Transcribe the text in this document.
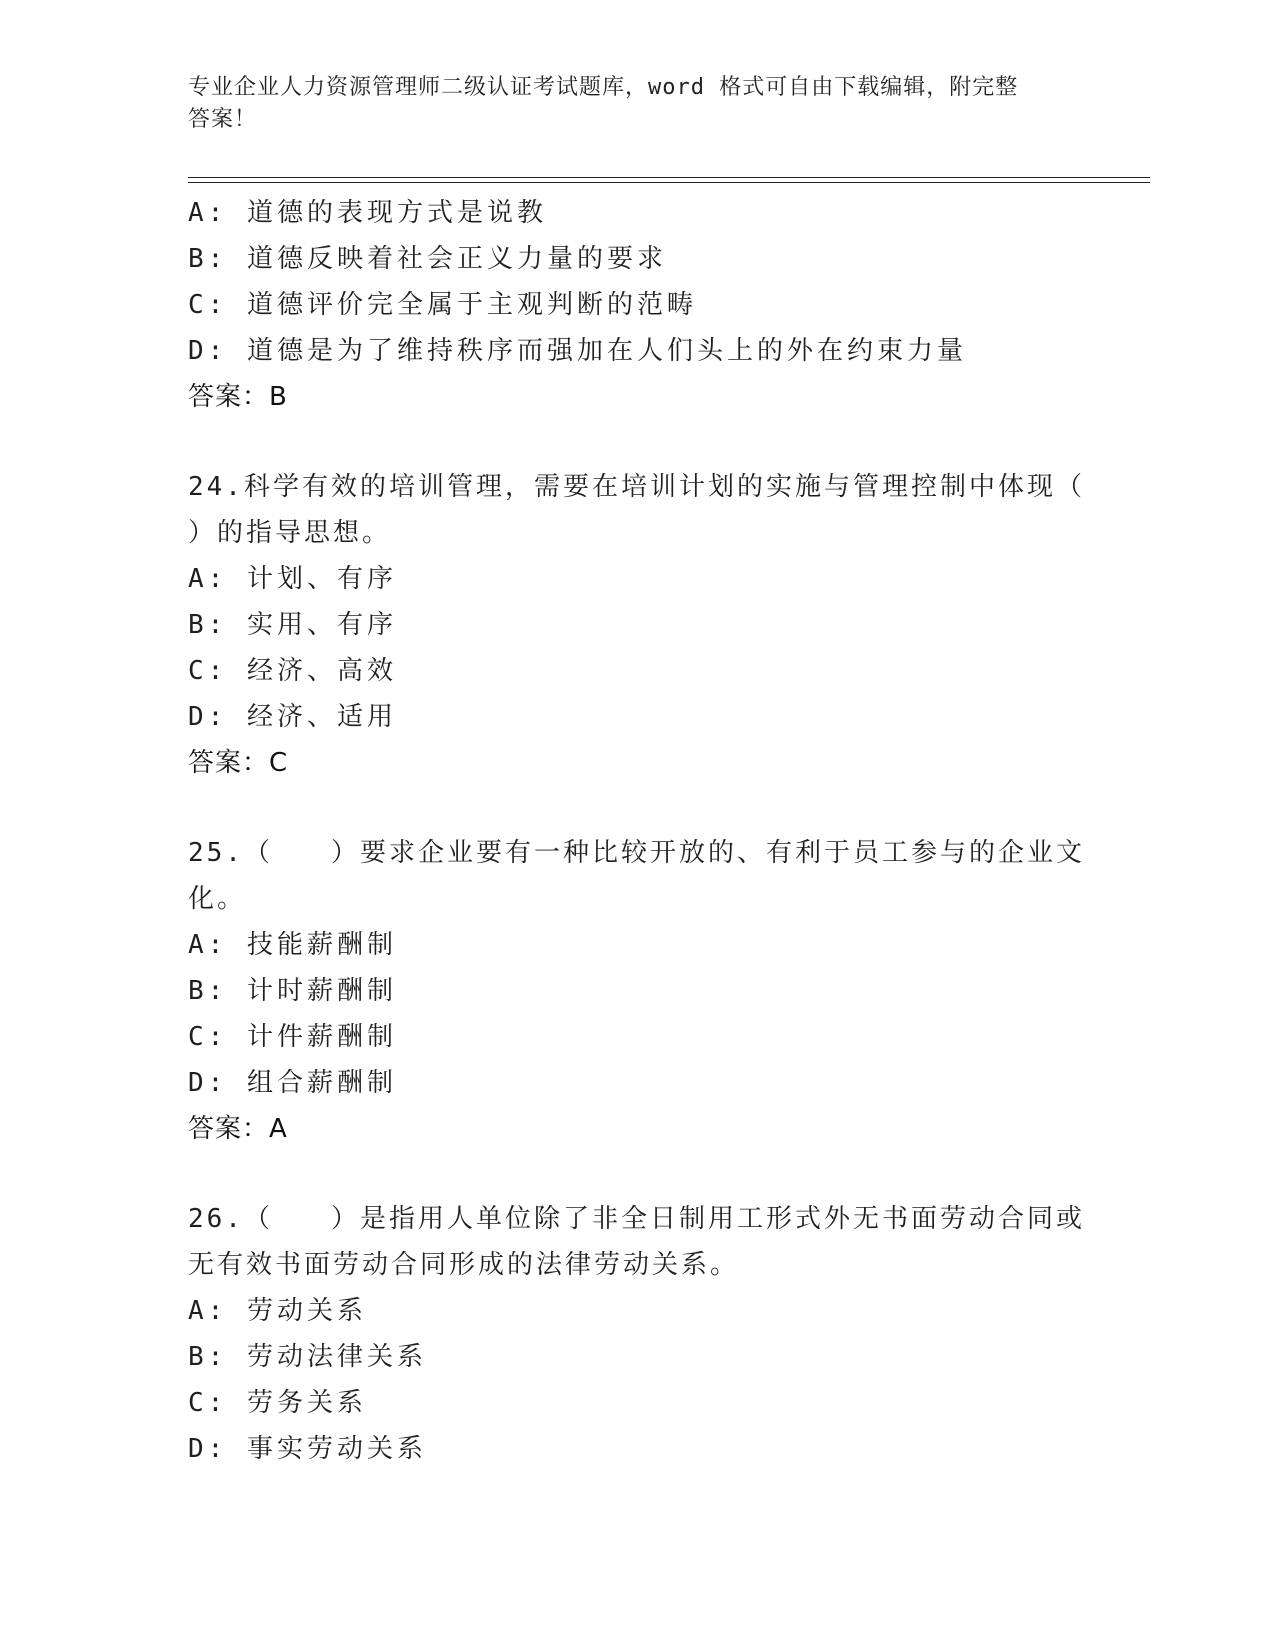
专业企业人力资源管理师二级认证考试题库，word 格式可自由下载编辑，附完整
答案！
A: 道德的表现方式是说教
B: 道德反映着社会正义力量的要求
C: 道德评价完全属于主观判断的范畴
D: 道德是为了维持秩序而强加在人们头上的外在约束力量
答案：B
24.科学有效的培训管理，需要在培训计划的实施与管理控制中体现（
）的指导思想。
A: 计划、有序
B: 实用、有序
C: 经济、高效
D: 经济、适用
答案：C
25.（　　）要求企业要有一种比较开放的、有利于员工参与的企业文
化。
A: 技能薪酬制
B: 计时薪酬制
C: 计件薪酬制
D: 组合薪酬制
答案：A
26.（　　）是指用人单位除了非全日制用工形式外无书面劳动合同或
无有效书面劳动合同形成的法律劳动关系。
A: 劳动关系
B: 劳动法律关系
C: 劳务关系
D: 事实劳动关系
